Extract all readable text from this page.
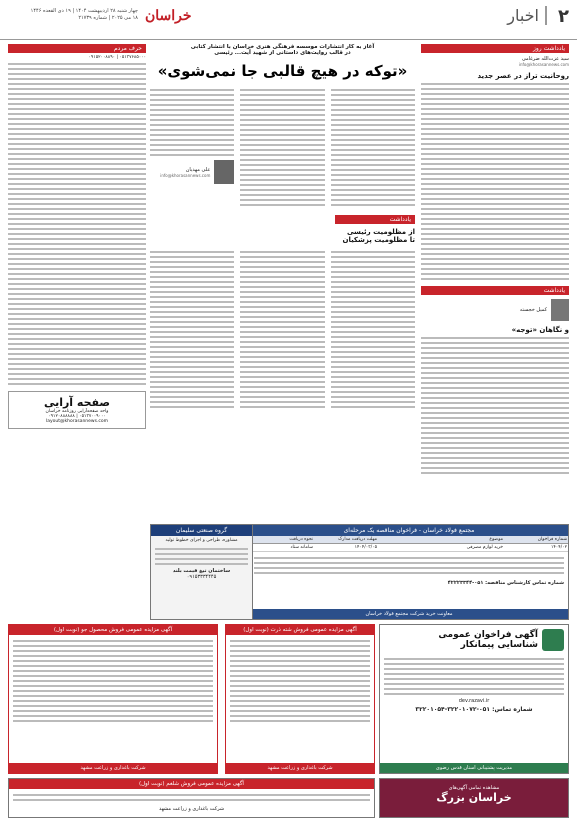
۲
اخبار
خراسان
چهار شنبه ۲۸ اردیبهشت ۱۴۰۴ | ۱۹ ذی القعده ۱۴۴۶
۱۸ می ۲۰۲۵ | شماره ۲۱۷۳۹
یادداشت روز
سید عزت‌الله ضرغامی
info@khorasannews.com
روحانیت تراز در عصر جدید
یادداشت
کمیل خجسته
و نگاهان «توجه»
آغاز به کار انتشارات موسسه فرهنگی هنری خراسان با انتشار کتابی
در قالب روایت‌های داستانی از شهید آیت‌... رئیسی
«توکه در هیچ قالبی جا نمی‌شوی»
علی مهدیان
info@khorasannews.com
یادداشت
از مظلومیت رئیسی
تا مظلومیت پزشکیان
حرف مردم
۰۹۱۵۲۰۰۸۸۹۰ | ۰۵۱۳۷۶۸۵۰۰۰
صفحه آرایی
واحد صفحه‌آرایی روزنامه خراسان
۰۵۱۳۷۰۰۹۰۰۰ | ۰۹۱۲۰۸۸۸۸۸۸
layout@khorasannews.com
مجتمع فولاد خراسان - فراخوان مناقصه یک مرحله‌ای
شماره فراخوان
موضوع
مهلت دریافت مدارک
نحوه دریافت
۱۴۰۴/۰۲
خرید لوازم مصرفی
۱۴۰۴/۰۳/۰۵
سامانه ستاد
شماره تماس کارشناس مناقصه: ۰۵۱-۴۲۲۲۳۳۴۴
معاونت خرید شرکت مجتمع فولاد خراسان
گروه صنعتی سلیمان
مشاوره، طراحی و اجرای خطوط تولید
ساختمان تیغ قیمت بلند
۰۹۱۵۳۳۳۴۴۴۵
آگهی فراخوان عمومی
شناسایی پیمانکار
dev.razavi.ir
شماره تماس: ۰۵۱-۳۲۲۰۱۰۷۲-۳۲۲۰۱۰۵۴
مدیریت پشتیبانی استان قدس رضوی
آگهی مزایده عمومی فروش شته ذرت (نوبت اول)
شرکت باغداری و زراعت مشهد
آگهی مزایده عمومی فروش محصول جو (نوبت اول)
شرکت باغداری و زراعت مشهد
مشاهده تمامی آگهی‌های
خراسان بزرگ
آگهی مزایده عمومی فروش شلغم (نوبت اول)
شرکت باغداری و زراعت مشهد
